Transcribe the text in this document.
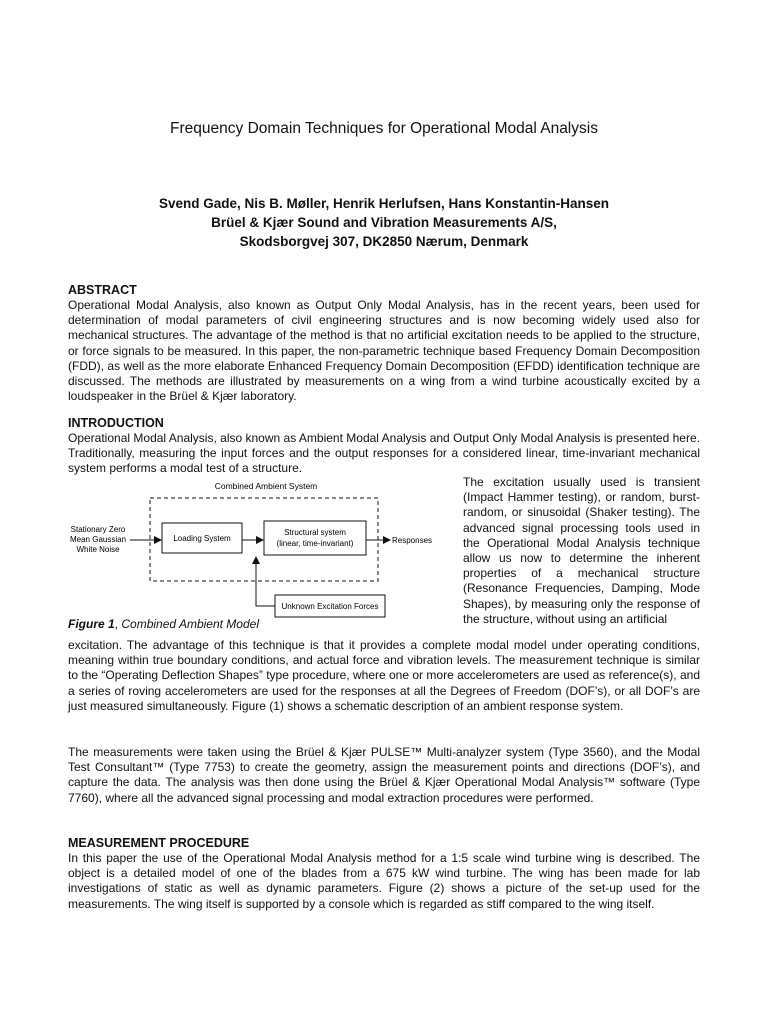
Frequency Domain Techniques for Operational Modal Analysis
Svend Gade, Nis B. Møller, Henrik Herlufsen, Hans Konstantin-Hansen
Brüel & Kjær Sound and Vibration Measurements A/S,
Skodsborgvej 307, DK2850 Nærum, Denmark
ABSTRACT

Operational Modal Analysis, also known as Output Only Modal Analysis, has in the recent years, been used for determination of modal parameters of civil engineering structures and is now becoming widely used also for mechanical structures. The advantage of the method is that no artificial excitation needs to be applied to the structure, or force signals to be measured. In this paper, the non-parametric technique based Frequency Domain Decomposition (FDD), as well as the more elaborate Enhanced Frequency Domain Decomposition (EFDD) identification technique are discussed. The methods are illustrated by measurements on a wing from a wind turbine acoustically excited by a loudspeaker in the Brüel & Kjær laboratory.

INTRODUCTION

Operational Modal Analysis, also known as Ambient Modal Analysis and Output Only Modal Analysis is presented here. Traditionally, measuring the input forces and the output responses for a considered linear, time-invariant mechanical system performs a modal test of a structure.

Combined Ambient System
Stationary Zero
Mean Gaussian
White Noise
Loading System
Structural system
(linear, time-invariant)	Responses
Unknown Excitation Forces

Figure 1, Combined Ambient Model

The excitation usually used is transient (Impact Hammer testing), or random, burst-random, or sinusoidal (Shaker testing). The advanced signal processing tools used in the Operational Modal Analysis technique allow us now to determine the inherent properties of a mechanical structure (Resonance Frequencies, Damping, Mode Shapes), by measuring only the response of the structure, without using an artificial

excitation. The advantage of this technique is that it provides a complete modal model under operating conditions, meaning within true boundary conditions, and actual force and vibration levels. The measurement technique is similar to the “Operating Deflection Shapes” type procedure, where one or more accelerometers are used as reference(s), and a series of roving accelerometers are used for the responses at all the Degrees of Freedom (DOF’s), or all DOF’s are just measured simultaneously. Figure (1) shows a schematic description of an ambient response system.

The measurements were taken using the Brüel & Kjær PULSE™ Multi-analyzer system (Type 3560), and the Modal Test Consultant™ (Type 7753) to create the geometry, assign the measurement points and directions (DOF’s), and capture the data. The analysis was then done using the Brüel & Kjær Operational Modal Analysis™ software (Type 7760), where all the advanced signal processing and modal extraction procedures were performed.

MEASUREMENT PROCEDURE

In this paper the use of the Operational Modal Analysis method for a 1:5 scale wind turbine wing is described. The object is a detailed model of one of the blades from a 675 kW wind turbine. The wing has been made for lab investigations of static as well as dynamic parameters. Figure (2) shows a picture of the set-up used for the measurements. The wing itself is supported by a console which is regarded as stiff compared to the wing itself.
